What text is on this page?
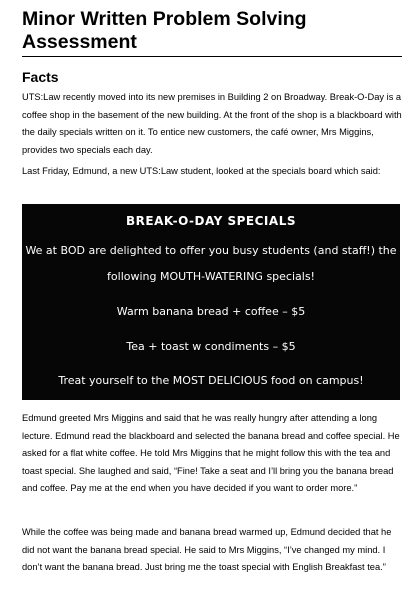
Minor Written Problem Solving Assessment
Facts
UTS:Law recently moved into its new premises in Building 2 on Broadway. Break-O-Day is a coffee shop in the basement of the new building. At the front of the shop is a blackboard with the daily specials written on it. To entice new customers, the café owner, Mrs Miggins, provides two specials each day.
Last Friday, Edmund, a new UTS:Law student, looked at the specials board which said:
BREAK-O-DAY SPECIALS
We at BOD are delighted to offer you busy students (and staff!) the
following MOUTH-WATERING specials!
Warm banana bread + coffee – $5
Tea + toast w condiments – $5
Treat yourself to the MOST DELICIOUS food on campus!
Edmund greeted Mrs Miggins and said that he was really hungry after attending a long lecture. Edmund read the blackboard and selected the banana bread and coffee special. He asked for a flat white coffee. He told Mrs Miggins that he might follow this with the tea and toast special. She laughed and said, “Fine! Take a seat and I’ll bring you the banana bread and coffee. Pay me at the end when you have decided if you want to order more.”
While the coffee was being made and banana bread warmed up, Edmund decided that he did not want the banana bread special. He said to Mrs Miggins, “I’ve changed my mind. I don’t want the banana bread. Just bring me the toast special with English Breakfast tea.”
